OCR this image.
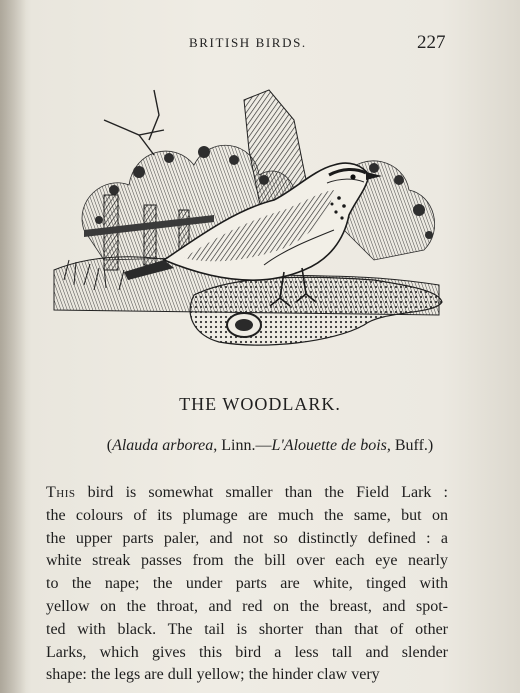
BRITISH BIRDS.	227
THE WOODLARK.
(Alauda arborea, Linn.—L'Alouette de bois, Buff.)
This bird is somewhat smaller than the Field Lark :
the colours of its plumage are much the same, but on
the upper parts paler, and not so distinctly defined : a
white streak passes from the bill over each eye nearly
to the nape; the under parts are white, tinged with
yellow on the throat, and red on the breast, and spot-
ted with black. The tail is shorter than that of other
Larks, which gives this bird a less tall and slender
shape: the legs are dull yellow; the hinder claw very
